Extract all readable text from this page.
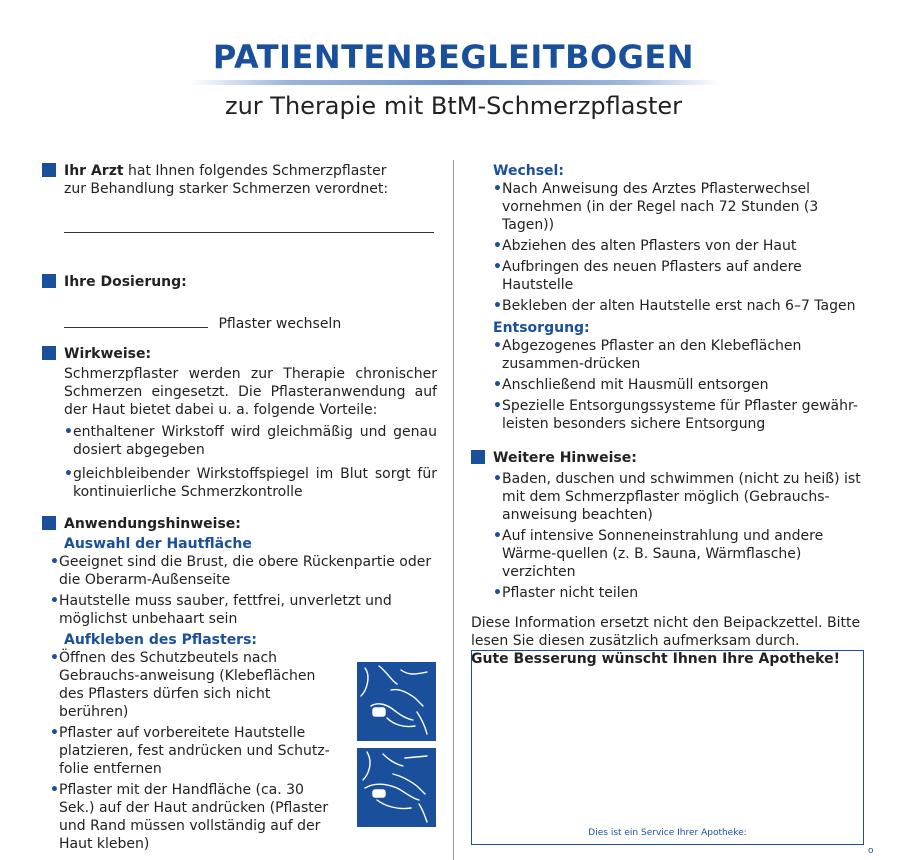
PATIENTENBEGLEITBOGEN
zur Therapie mit BtM-Schmerzpflaster
Ihr Arzt hat Ihnen folgendes Schmerzpflaster
zur Behandlung starker Schmerzen verordnet:
Ihre Dosierung:
Pflaster wechseln
Wirkweise:
Schmerzpflaster werden zur Therapie chronischer Schmerzen eingesetzt. Die Pflasteranwendung auf der Haut bietet dabei u. a. folgende Vorteile:
• enthaltener Wirkstoff wird gleichmäßig und genau dosiert abgegeben
• gleichbleibender Wirkstoffspiegel im Blut sorgt für kontinuierliche Schmerzkontrolle
Anwendungshinweise:
Auswahl der Hautfläche
• Geeignet sind die Brust, die obere Rückenpartie oder die Oberarm-Außenseite
• Hautstelle muss sauber, fettfrei, unverletzt und möglichst unbehaart sein
Aufkleben des Pflasters:
• Öffnen des Schutzbeutels nach Gebrauchs-anweisung (Klebeflächen des Pflasters dürfen sich nicht berühren)
• Pflaster auf vorbereitete Hautstelle platzieren, fest andrücken und Schutz-folie entfernen
• Pflaster mit der Handfläche (ca. 30 Sek.) auf der Haut andrücken (Pflaster und Rand müssen vollständig auf der Haut kleben)
Wechsel:
• Nach Anweisung des Arztes Pflasterwechsel vornehmen (in der Regel nach 72 Stunden (3 Tagen))
• Abziehen des alten Pflasters von der Haut
• Aufbringen des neuen Pflasters auf andere Hautstelle
• Bekleben der alten Hautstelle erst nach 6–7 Tagen
Entsorgung:
• Abgezogenes Pflaster an den Klebeflächen zusammen-drücken
• Anschließend mit Hausmüll entsorgen
• Spezielle Entsorgungssysteme für Pflaster gewähr-leisten besonders sichere Entsorgung
Weitere Hinweise:
• Baden, duschen und schwimmen (nicht zu heiß) ist mit dem Schmerzpflaster möglich (Gebrauchs-anweisung beachten)
• Auf intensive Sonneneinstrahlung und andere Wärme-quellen (z. B. Sauna, Wärmflasche) verzichten
• Pflaster nicht teilen
Diese Information ersetzt nicht den Beipackzettel. Bitte lesen Sie diesen zusätzlich aufmerksam durch.
Gute Besserung wünscht Ihnen Ihre Apotheke!
Dies ist ein Service Ihrer Apotheke:
o
